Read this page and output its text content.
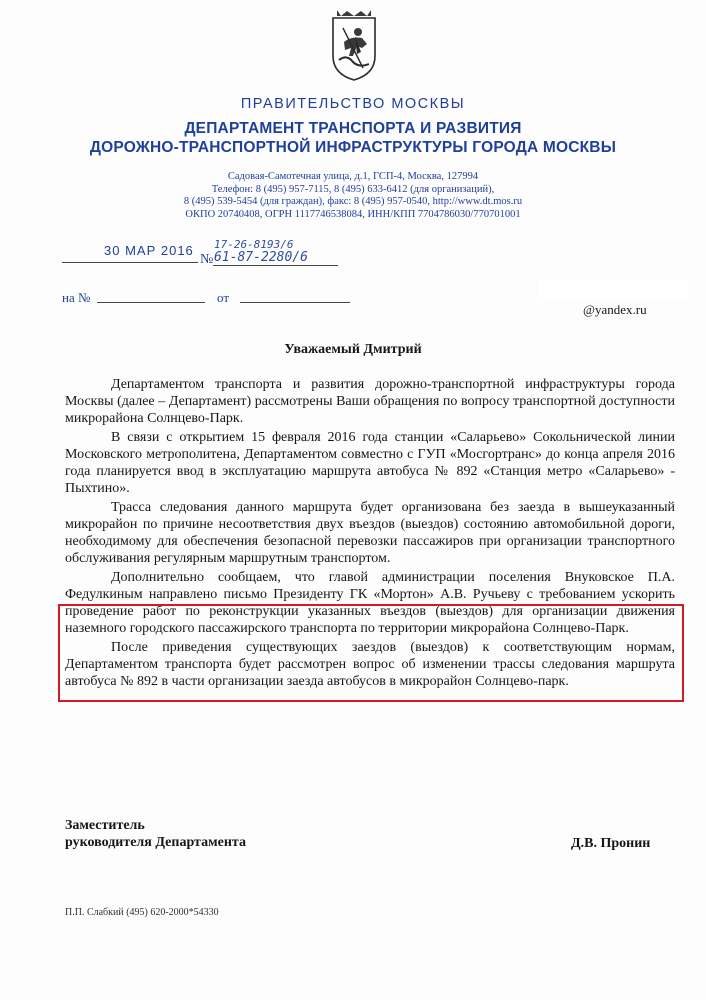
ПРАВИТЕЛЬСТВО МОСКВЫ
ДЕПАРТАМЕНТ ТРАНСПОРТА И РАЗВИТИЯ
ДОРОЖНО-ТРАНСПОРТНОЙ ИНФРАСТРУКТУРЫ ГОРОДА МОСКВЫ
Садовая-Самотечная улица, д.1, ГСП-4, Москва, 127994
Телефон: 8 (495) 957-7115, 8 (495) 633-6412 (для организаций),
8 (495) 539-5454 (для граждан), факс: 8 (495) 957-0540, http://www.dt.mos.ru
ОКПО 20740408, ОГРН 1117746538084, ИНН/КПП 7704786030/770701001
30 МАР 2016
№
17-26-8193/6
61-87-2280/6
на №	от
@yandex.ru
Уважаемый Дмитрий

Департаментом транспорта и развития дорожно-транспортной инфраструктуры города Москвы (далее – Департамент) рассмотрены Ваши обращения по вопросу транспортной доступности микрорайона Солнцево-Парк.

В связи с открытием 15 февраля 2016 года станции «Саларьево» Сокольнической линии Московского метрополитена, Департаментом совместно с ГУП «Мосгортранс» до конца апреля 2016 года планируется ввод в эксплуатацию маршрута автобуса № 892 «Станция метро «Саларьево» - Пыхтино».

Трасса следования данного маршрута будет организована без заезда в вышеуказанный микрорайон по причине несоответствия двух въездов (выездов) состоянию автомобильной дороги, необходимому для обеспечения безопасной перевозки пассажиров при организации транспортного обслуживания регулярным маршрутным транспортом.

Дополнительно сообщаем, что главой администрации поселения Внуковское П.А. Федулкиным направлено письмо Президенту ГК «Мортон» А.В. Ручьеву с требованием ускорить проведение работ по реконструкции указанных въездов (выездов) для организации движения наземного городского пассажирского транспорта по территории микрорайона Солнцево-Парк.

После приведения существующих заездов (выездов) к соответствующим нормам, Департаментом транспорта будет рассмотрен вопрос об изменении трассы следования маршрута автобуса № 892 в части организации заезда автобусов в микрорайон Солнцево-парк.

Заместитель
руководителя Департамента	Д.В. Пронин
П.П. Слабкий (495) 620-2000*54330
